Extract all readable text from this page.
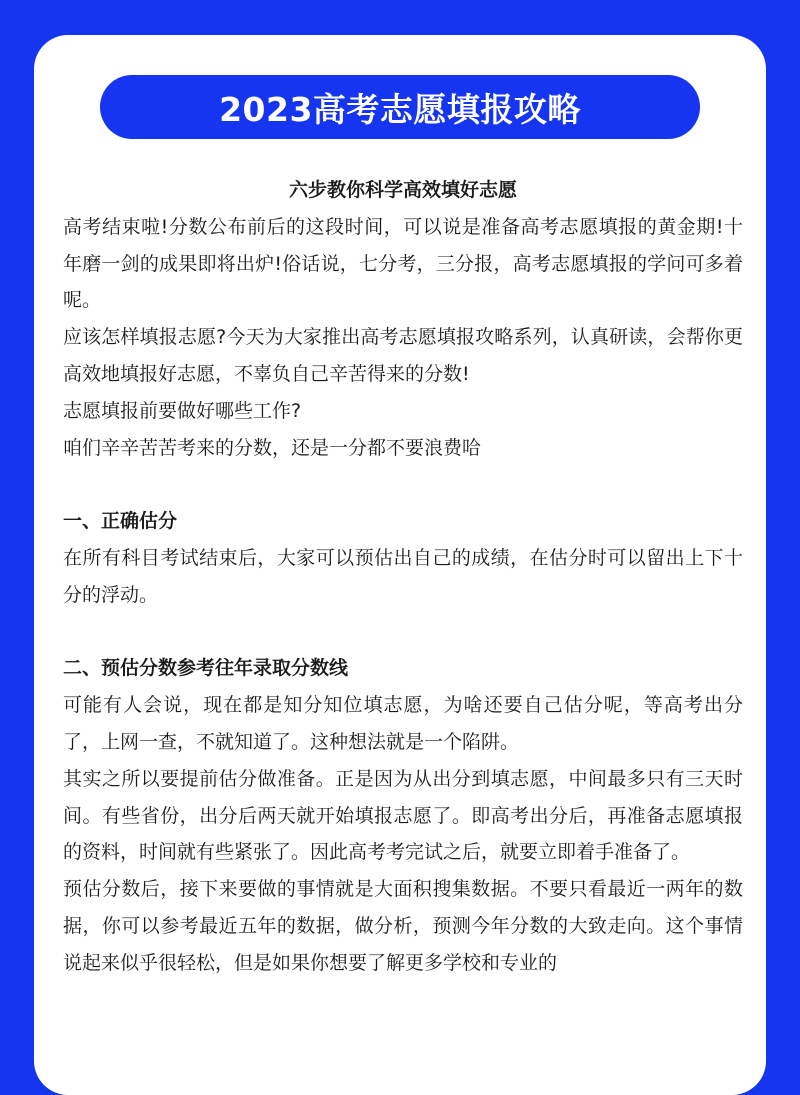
2023高考志愿填报攻略

六步教你科学高效填好志愿

高考结束啦!分数公布前后的这段时间，可以说是准备高考志愿填报的黄金期!十年磨一剑的成果即将出炉!俗话说，七分考，三分报，高考志愿填报的学问可多着呢。

应该怎样填报志愿?今天为大家推出高考志愿填报攻略系列，认真研读，会帮你更高效地填报好志愿，不辜负自己辛苦得来的分数!

志愿填报前要做好哪些工作?

咱们辛辛苦苦考来的分数，还是一分都不要浪费哈

一、正确估分

在所有科目考试结束后，大家可以预估出自己的成绩，在估分时可以留出上下十分的浮动。

二、预估分数参考往年录取分数线

可能有人会说，现在都是知分知位填志愿，为啥还要自己估分呢，等高考出分了，上网一查，不就知道了。这种想法就是一个陷阱。

其实之所以要提前估分做准备。正是因为从出分到填志愿，中间最多只有三天时间。有些省份，出分后两天就开始填报志愿了。即高考出分后，再准备志愿填报的资料，时间就有些紧张了。因此高考考完试之后，就要立即着手准备了。

预估分数后，接下来要做的事情就是大面积搜集数据。不要只看最近一两年的数据，你可以参考最近五年的数据，做分析，预测今年分数的大致走向。这个事情说起来似乎很轻松，但是如果你想要了解更多学校和专业的
